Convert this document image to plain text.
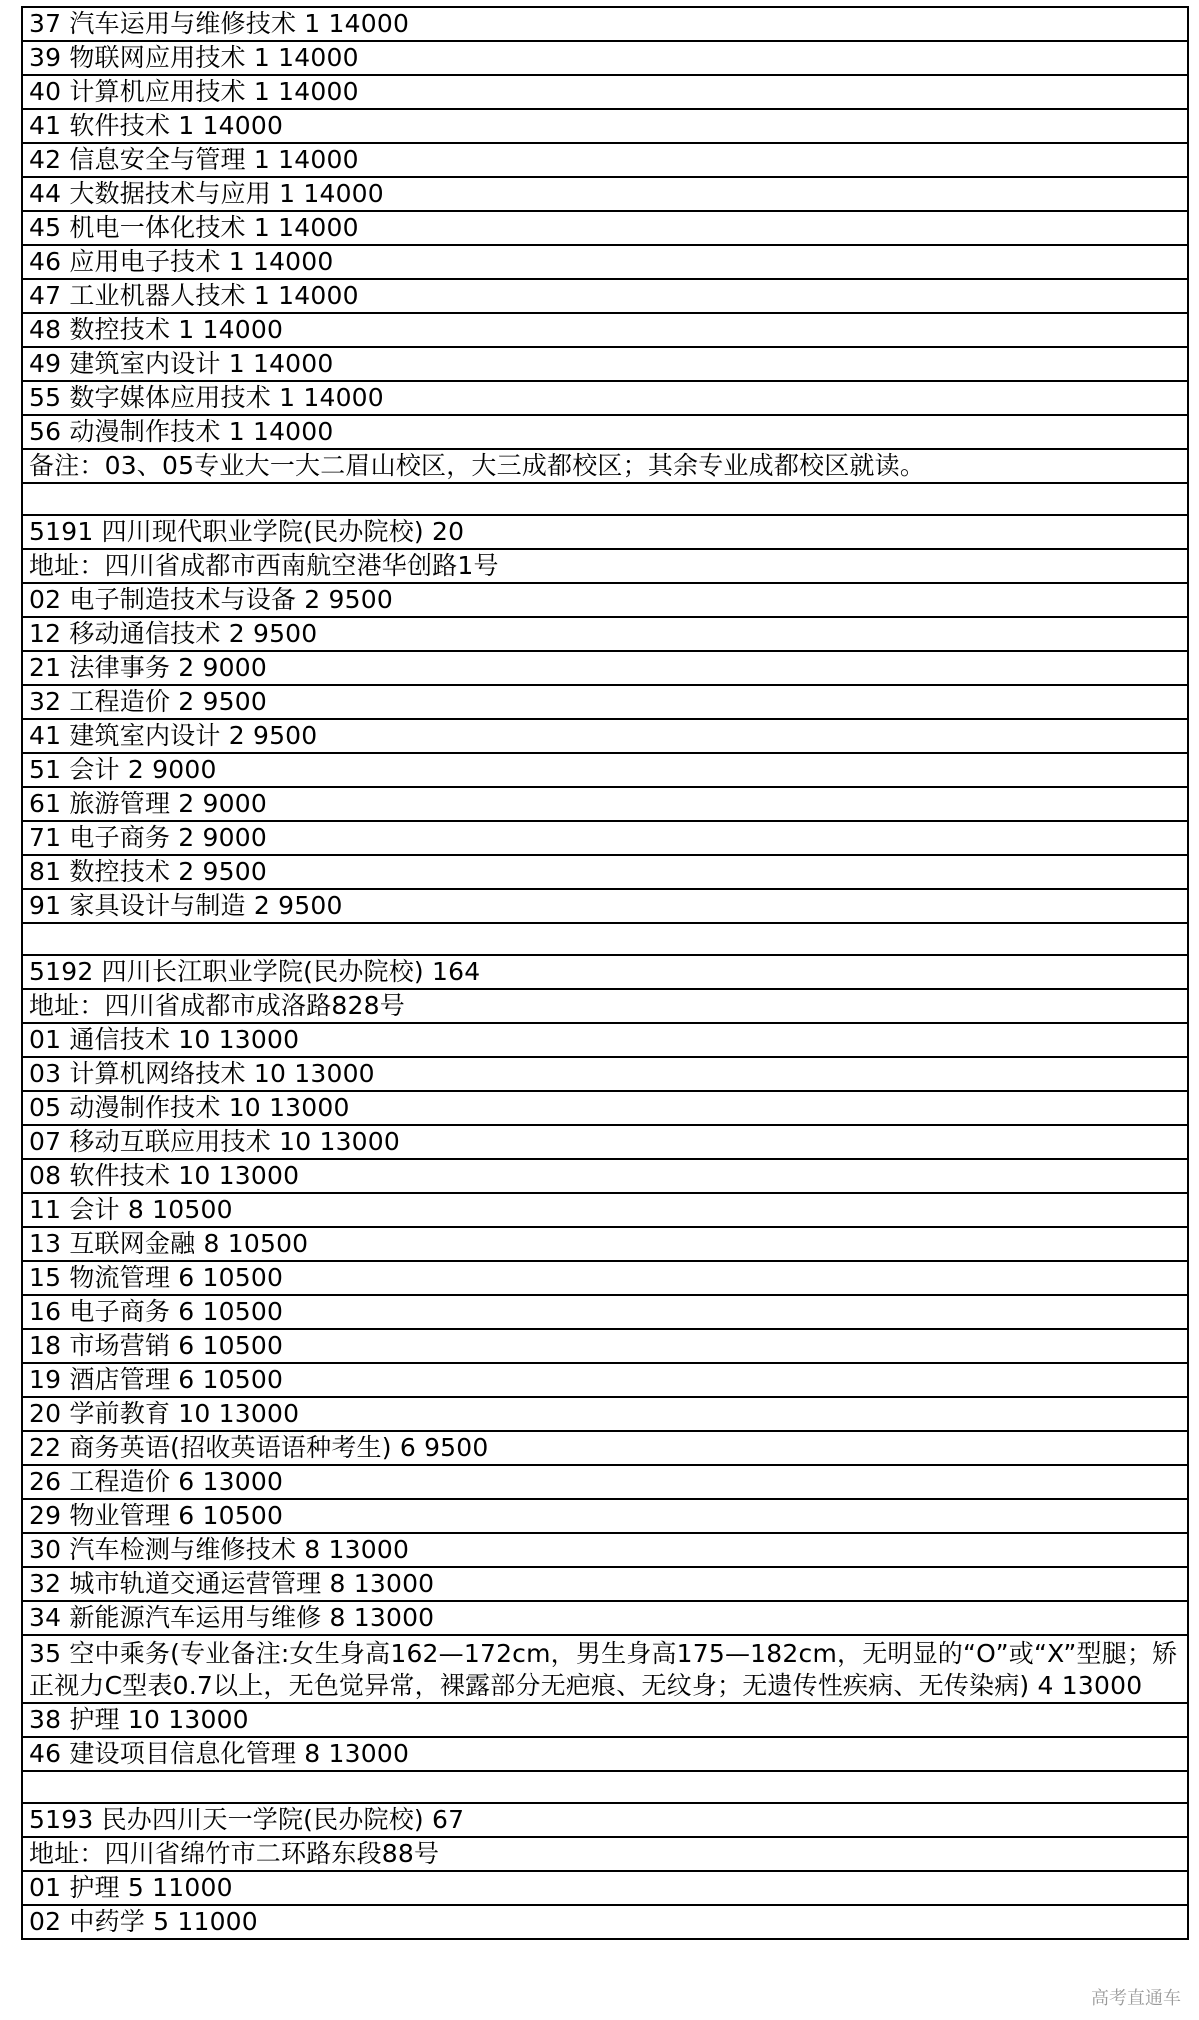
37 汽车运用与维修技术 1 14000
39 物联网应用技术 1 14000
40 计算机应用技术 1 14000
41 软件技术 1 14000
42 信息安全与管理 1 14000
44 大数据技术与应用 1 14000
45 机电一体化技术 1 14000
46 应用电子技术 1 14000
47 工业机器人技术 1 14000
48 数控技术 1 14000
49 建筑室内设计 1 14000
55 数字媒体应用技术 1 14000
56 动漫制作技术 1 14000
备注：03、05专业大一大二眉山校区，大三成都校区；其余专业成都校区就读。

5191 四川现代职业学院(民办院校) 20
地址：四川省成都市西南航空港华创路1号
02 电子制造技术与设备 2 9500
12 移动通信技术 2 9500
21 法律事务 2 9000
32 工程造价 2 9500
41 建筑室内设计 2 9500
51 会计 2 9000
61 旅游管理 2 9000
71 电子商务 2 9000
81 数控技术 2 9500
91 家具设计与制造 2 9500

5192 四川长江职业学院(民办院校) 164
地址：四川省成都市成洛路828号
01 通信技术 10 13000
03 计算机网络技术 10 13000
05 动漫制作技术 10 13000
07 移动互联应用技术 10 13000
08 软件技术 10 13000
11 会计 8 10500
13 互联网金融 8 10500
15 物流管理 6 10500
16 电子商务 6 10500
18 市场营销 6 10500
19 酒店管理 6 10500
20 学前教育 10 13000
22 商务英语(招收英语语种考生) 6 9500
26 工程造价 6 13000
29 物业管理 6 10500
30 汽车检测与维修技术 8 13000
32 城市轨道交通运营管理 8 13000
34 新能源汽车运用与维修 8 13000
35 空中乘务(专业备注:女生身高162—172cm，男生身高175—182cm，无明显的“O”或“X”型腿；矫正视力C型表0.7以上，无色觉异常，裸露部分无疤痕、无纹身；无遗传性疾病、无传染病) 4 13000
38 护理 10 13000
46 建设项目信息化管理 8 13000

5193 民办四川天一学院(民办院校) 67
地址：四川省绵竹市二环路东段88号
01 护理 5 11000
02 中药学 5 11000
高考直通车
